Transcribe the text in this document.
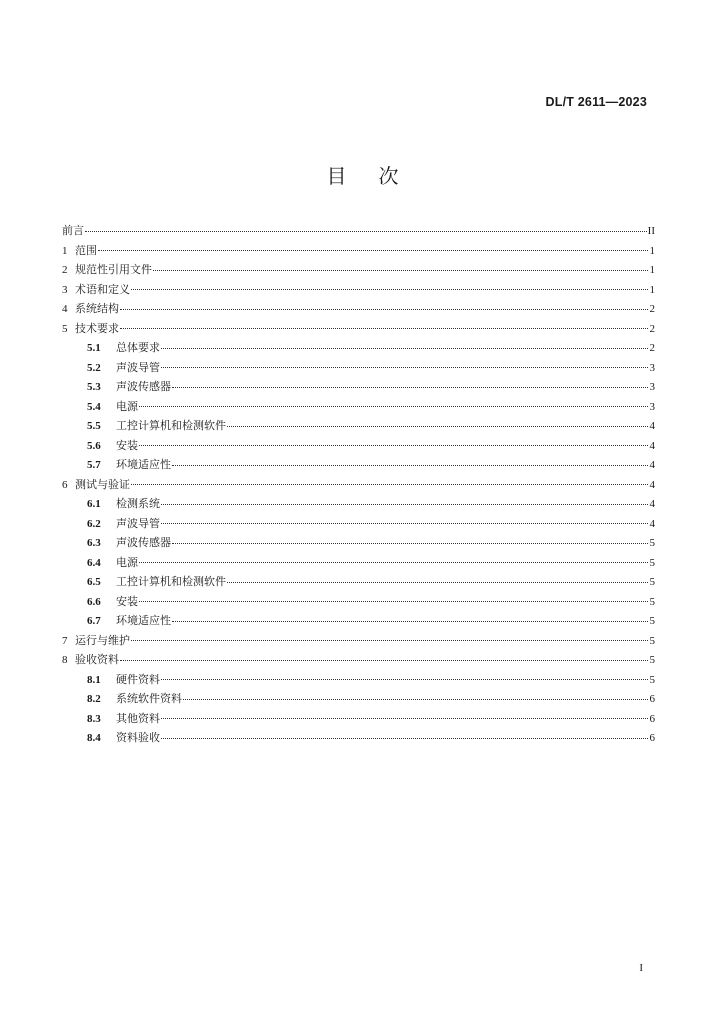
DL/T 2611—2023
目次
前言	II
1 范围	1
2 规范性引用文件	1
3 术语和定义	1
4 系统结构	2
5 技术要求	2
5.1	总体要求	2
5.2	声波导管	3
5.3	声波传感器	3
5.4	电源	3
5.5	工控计算机和检测软件	4
5.6	安装	4
5.7	环境适应性	4
6 测试与验证	4
6.1	检测系统	4
6.2	声波导管	4
6.3	声波传感器	5
6.4	电源	5
6.5	工控计算机和检测软件	5
6.6	安装	5
6.7	环境适应性	5
7 运行与维护	5
8 验收资料	5
8.1	硬件资料	5
8.2	系统软件资料	6
8.3	其他资料	6
8.4	资料验收	6
I
